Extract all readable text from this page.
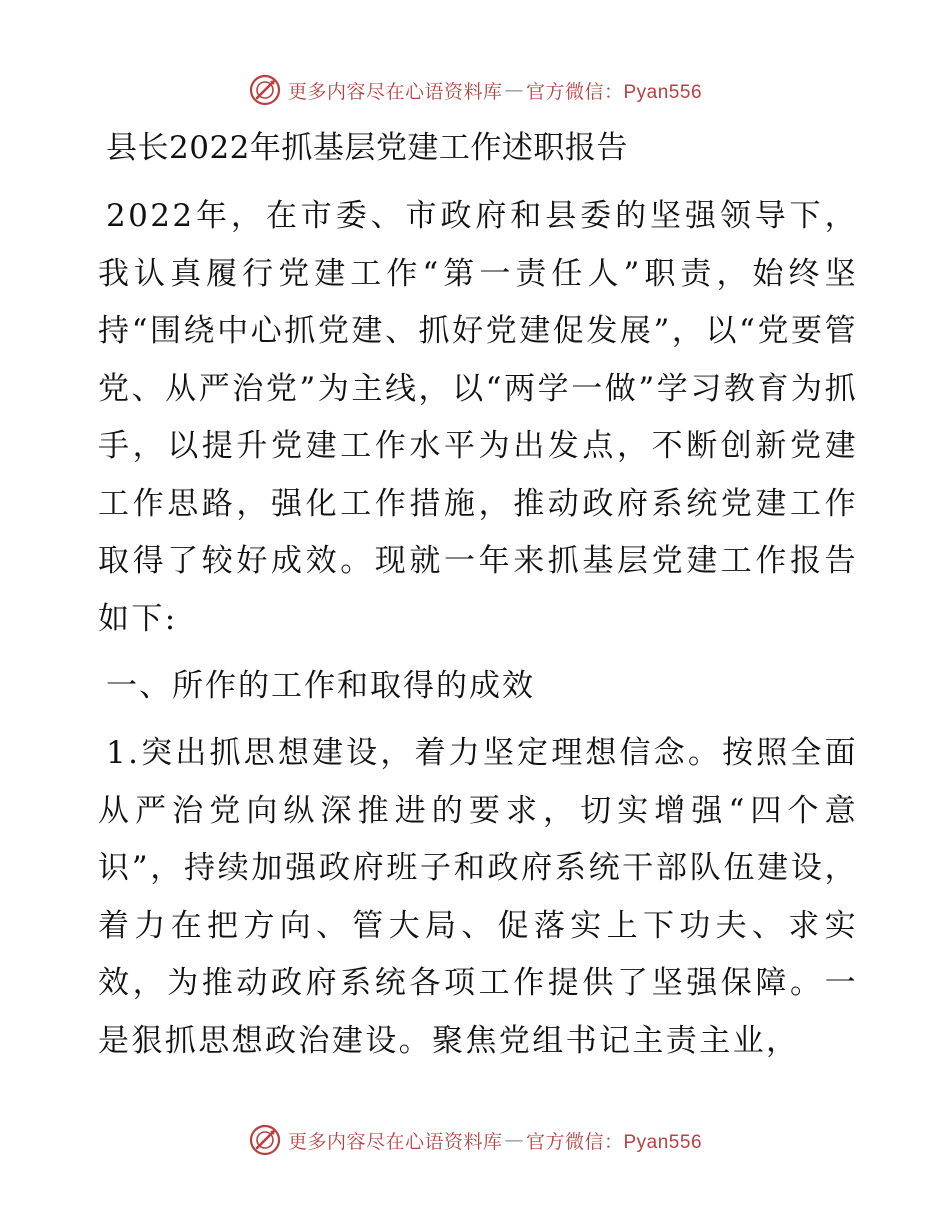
更多内容尽在心语资料库 — 官方微信：Pyan556
县长2022年抓基层党建工作述职报告

2022年，在市委、市政府和县委的坚强领导下，我认真履行党建工作“第一责任人”职责，始终坚持“围绕中心抓党建、抓好党建促发展”，以“党要管党、从严治党”为主线，以“两学一做”学习教育为抓手，以提升党建工作水平为出发点，不断创新党建工作思路，强化工作措施，推动政府系统党建工作取得了较好成效。现就一年来抓基层党建工作报告如下:

一、所作的工作和取得的成效

1.突出抓思想建设，着力坚定理想信念。按照全面从严治党向纵深推进的要求，切实增强“四个意识”，持续加强政府班子和政府系统干部队伍建设，着力在把方向、管大局、促落实上下功夫、求实效，为推动政府系统各项工作提供了坚强保障。一是狠抓思想政治建设。聚焦党组书记主责主业，

更多内容尽在心语资料库 — 官方微信：Pyan556
